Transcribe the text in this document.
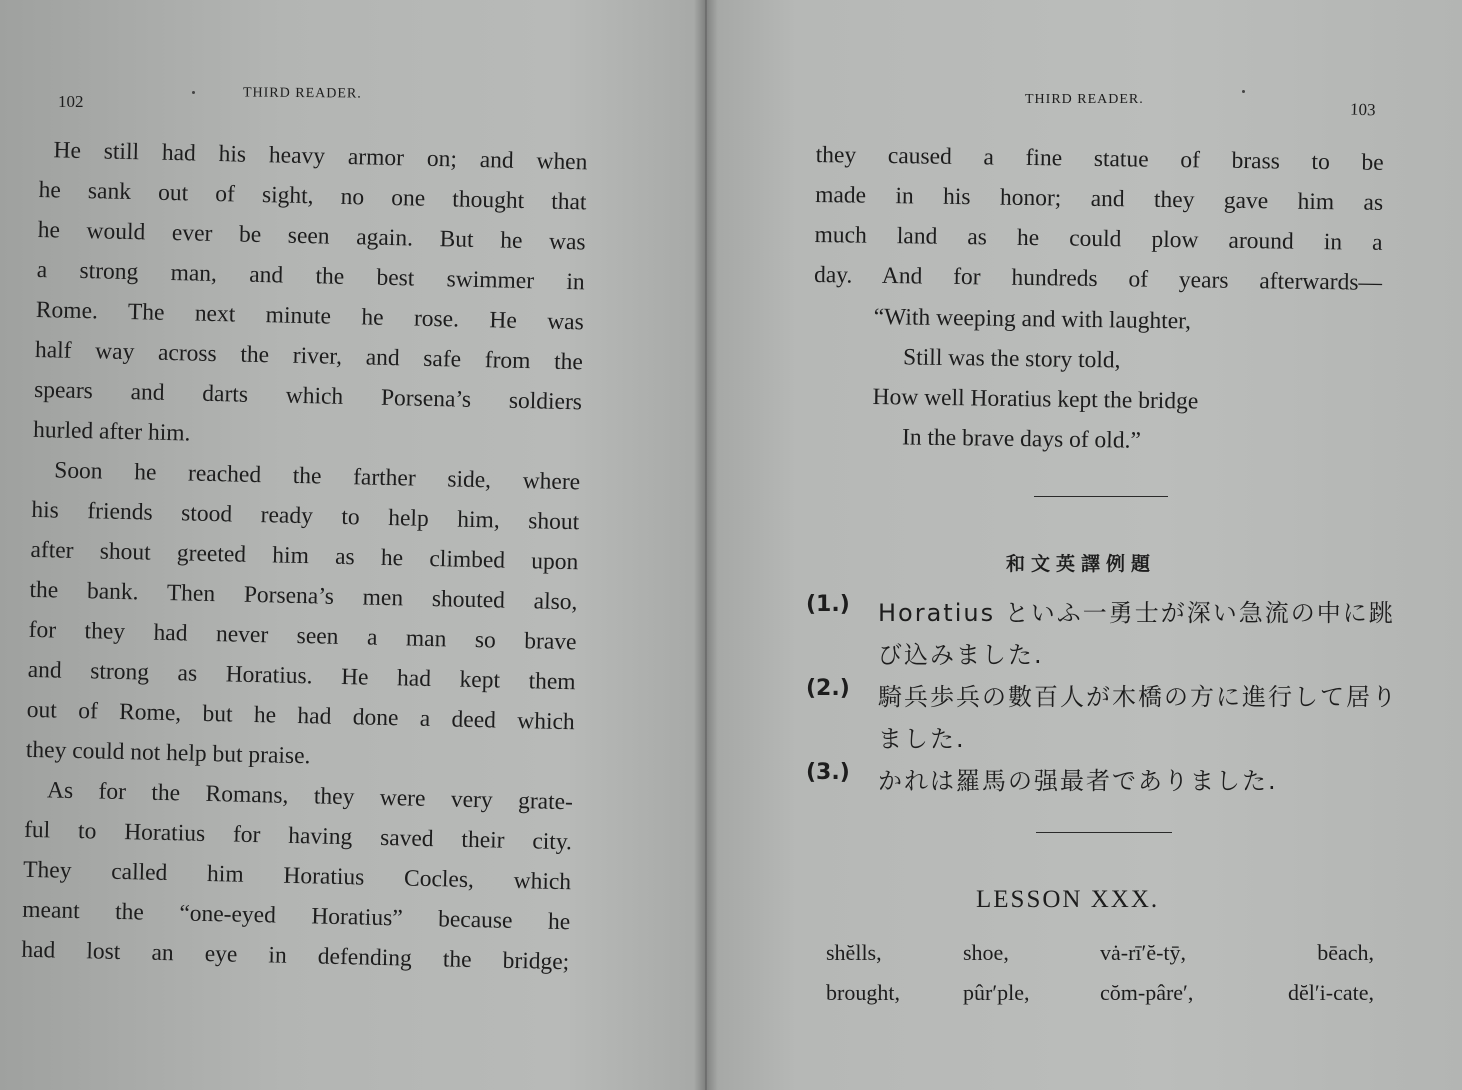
102	THIRD READER.
He still had his heavy armor on; and when
he sank out of sight, no one thought that
he would ever be seen again. But he was
a strong man, and the best swimmer in
Rome. The next minute he rose. He was
half way across the river, and safe from the
spears and darts which Porsena’s soldiers
hurled after him.
Soon he reached the farther side, where
his friends stood ready to help him, shout
after shout greeted him as he climbed upon
the bank. Then Porsena’s men shouted also,
for they had never seen a man so brave
and strong as Horatius. He had kept them
out of Rome, but he had done a deed which
they could not help but praise.
As for the Romans, they were very grate-
ful to Horatius for having saved their city.
They called him Horatius Cocles, which
meant the “one-eyed Horatius” because he
had lost an eye in defending the bridge;
THIRD READER.
103
they caused a fine statue of brass to be
made in his honor; and they gave him as
much land as he could plow around in a
day. And for hundreds of years afterwards—
“With weeping and with laughter,
Still was the story told,
How well Horatius kept the bridge
In the brave days of old.”
和文英譯例題
(1.) Horatius といふ一勇士が深い急流の中に跳び込みました.
(2.) 騎兵歩兵の數百人が木橋の方に進行して居りました.
(3.) かれは羅馬の强最者でありました.
LESSON XXX.
shĕlls,	shoe,	vȧ-rī′ĕ-tȳ,	bēach,
brought,	pûr′ple,	cŏm-pâre′,	dĕl′i-cate,
